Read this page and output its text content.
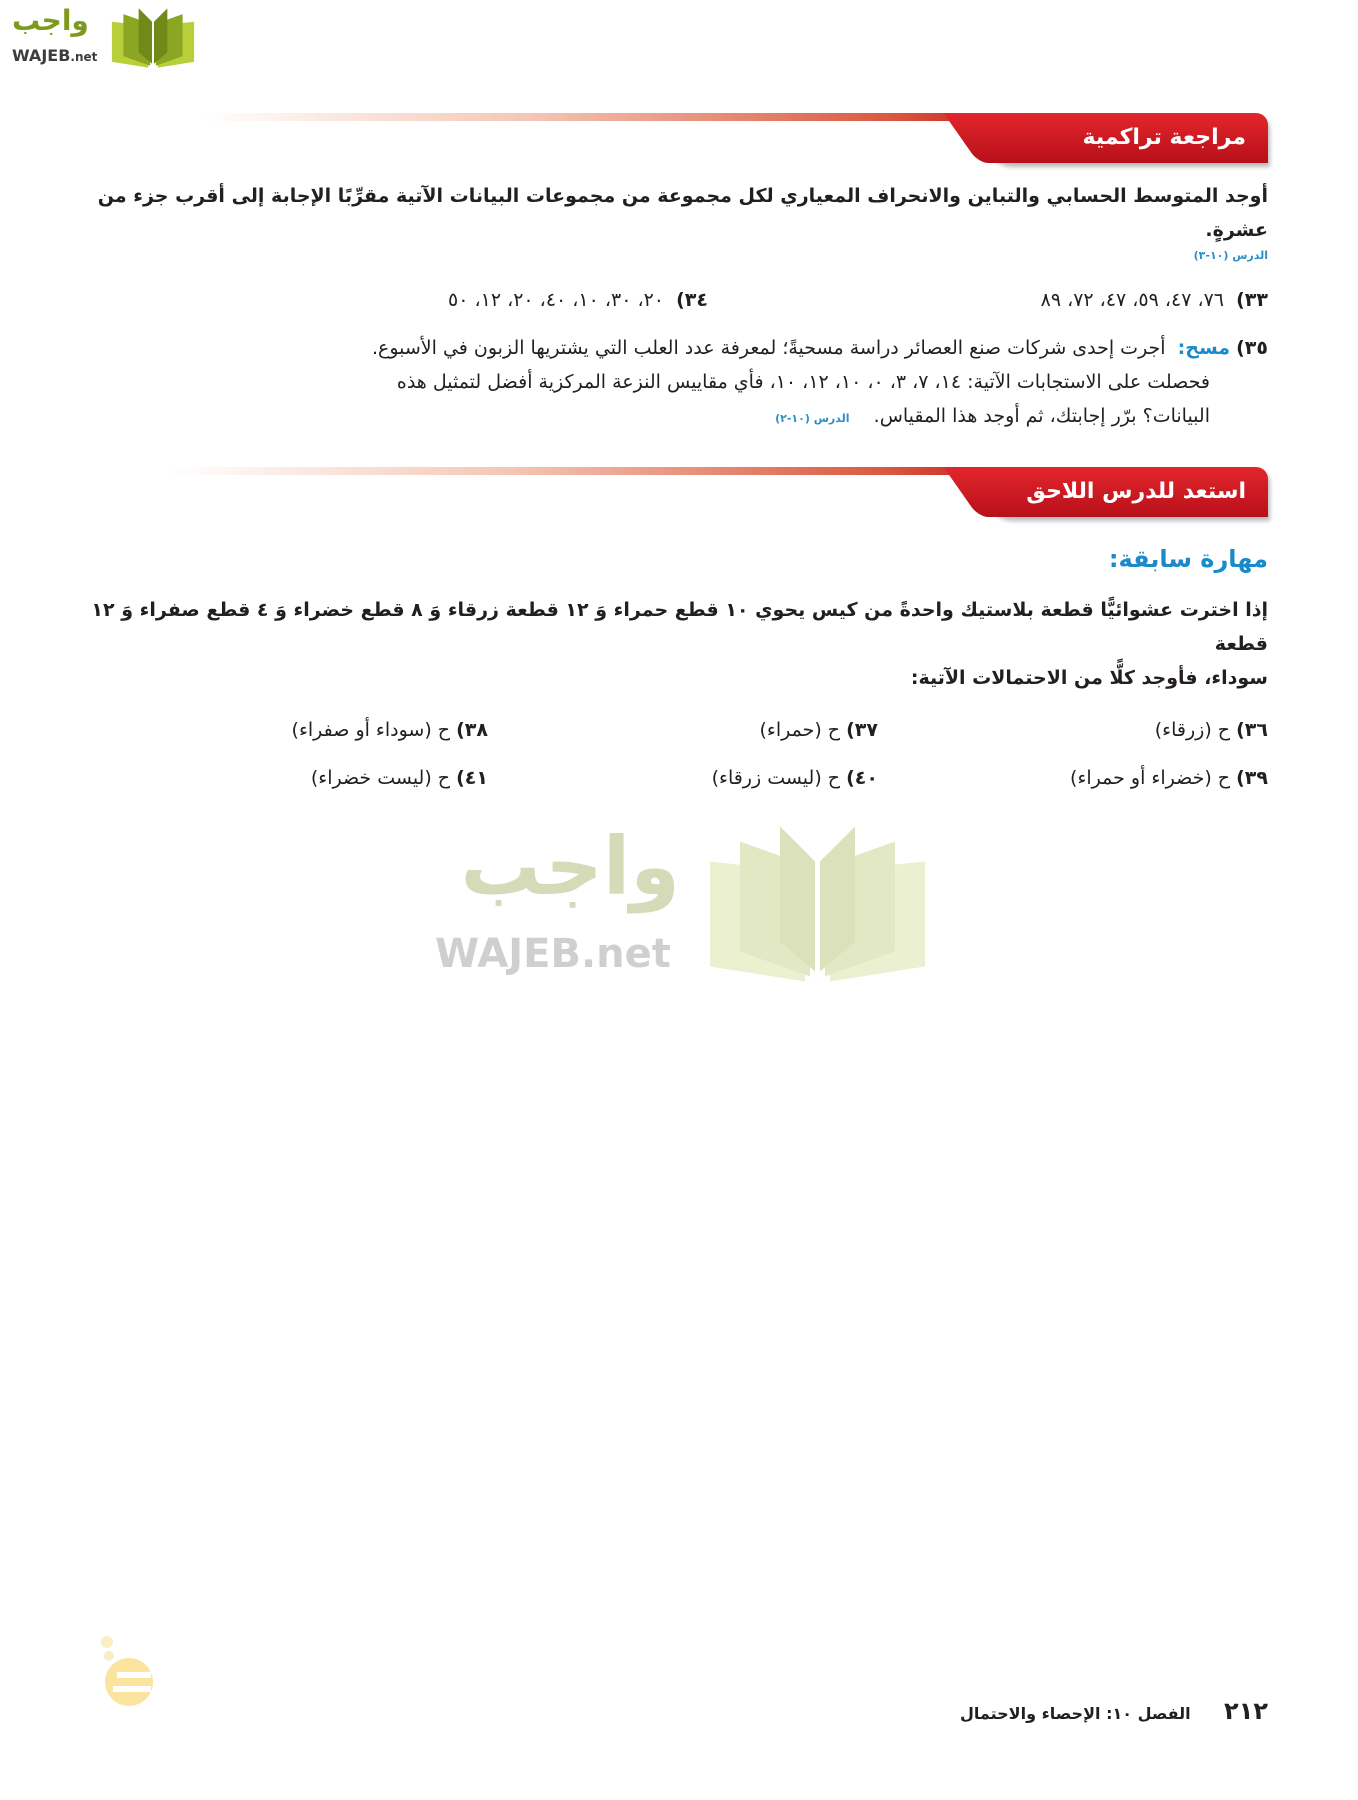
واجب
WAJEB.net
مراجعة تراكمية
أوجد المتوسط الحسابي والتباين والانحراف المعياري لكل مجموعة من مجموعات البيانات الآتية مقرِّبًا الإجابة إلى أقرب جزء من عشرةٍ.
الدرس (١٠-٣)
٣٣)  ٧٦، ٤٧، ٥٩، ٤٧، ٧٢، ٨٩
٣٤)  ٢٠، ٣٠، ١٠، ٤٠، ٢٠، ١٢، ٥٠
٣٥) مسح:  أجرت إحدى شركات صنع العصائر دراسة مسحيةً؛ لمعرفة عدد العلب التي يشتريها الزبون في الأسبوع.
فحصلت على الاستجابات الآتية: ١٤، ٧، ٣، ٠، ١٠، ١٢، ١٠، فأي مقاييس النزعة المركزية أفضل لتمثيل هذه
البيانات؟ برّر إجابتك، ثم أوجد هذا المقياس.    الدرس (١٠-٢)
استعد للدرس اللاحق
مهارة سابقة:
إذا اخترت عشوائيًّا قطعة بلاستيك واحدةً من كيس يحوي ١٠ قطع حمراء وَ ١٢ قطعة زرقاء وَ ٨ قطع خضراء وَ ٤ قطع صفراء وَ ١٢ قطعة
سوداء، فأوجد كلًّا من الاحتمالات الآتية:
٣٦) ح (زرقاء)
٣٧) ح (حمراء)
٣٨) ح (سوداء أو صفراء)
٣٩) ح (خضراء أو حمراء)
٤٠) ح (ليست زرقاء)
٤١) ح (ليست خضراء)
واجب
WAJEB.net
٢١٢      الفصل ١٠: الإحصاء والاحتمال
